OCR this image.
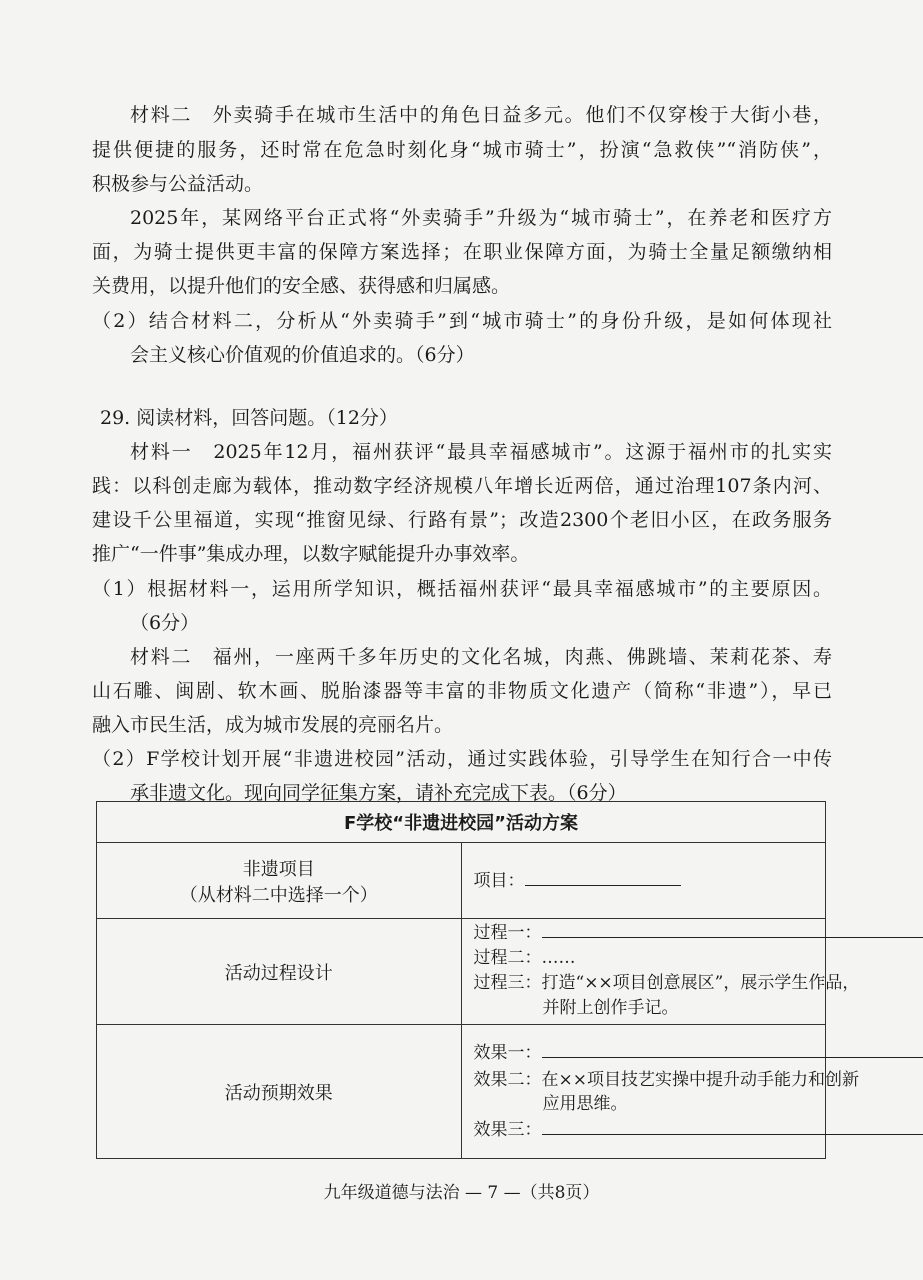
材料二　外卖骑手在城市生活中的角色日益多元。他们不仅穿梭于大街小巷，
提供便捷的服务，还时常在危急时刻化身“城市骑士”，扮演“急救侠”“消防侠”，
积极参与公益活动。
2025年，某网络平台正式将“外卖骑手”升级为“城市骑士”，在养老和医疗方
面，为骑士提供更丰富的保障方案选择；在职业保障方面，为骑士全量足额缴纳相
关费用，以提升他们的安全感、获得感和归属感。
（2）结合材料二，分析从“外卖骑手”到“城市骑士”的身份升级，是如何体现社
会主义核心价值观的价值追求的。（6分）
29. 阅读材料，回答问题。（12分）
材料一　2025年12月，福州获评“最具幸福感城市”。这源于福州市的扎实实
践：以科创走廊为载体，推动数字经济规模八年增长近两倍，通过治理107条内河、
建设千公里福道，实现“推窗见绿、行路有景”；改造2300个老旧小区，在政务服务
推广“一件事”集成办理，以数字赋能提升办事效率。
（1）根据材料一，运用所学知识，概括福州获评“最具幸福感城市”的主要原因。
（6分）
材料二　福州，一座两千多年历史的文化名城，肉燕、佛跳墙、茉莉花茶、寿
山石雕、闽剧、软木画、脱胎漆器等丰富的非物质文化遗产（简称“非遗”），早已
融入市民生活，成为城市发展的亮丽名片。
（2）F学校计划开展“非遗进校园”活动，通过实践体验，引导学生在知行合一中传
承非遗文化。现向同学征集方案，请补充完成下表。（6分）
F学校“非遗进校园”活动方案	

非遗项目
（从材料二中选择一个）	项目：

活动过程设计	过程一：
过程二：……
过程三：打造“××项目创意展区”，展示学生作品，
并附上创作手记。

活动预期效果	效果一：
效果二：在××项目技艺实操中提升动手能力和创新
应用思维。
效果三：
九年级道德与法治 — 7 —（共8页）
